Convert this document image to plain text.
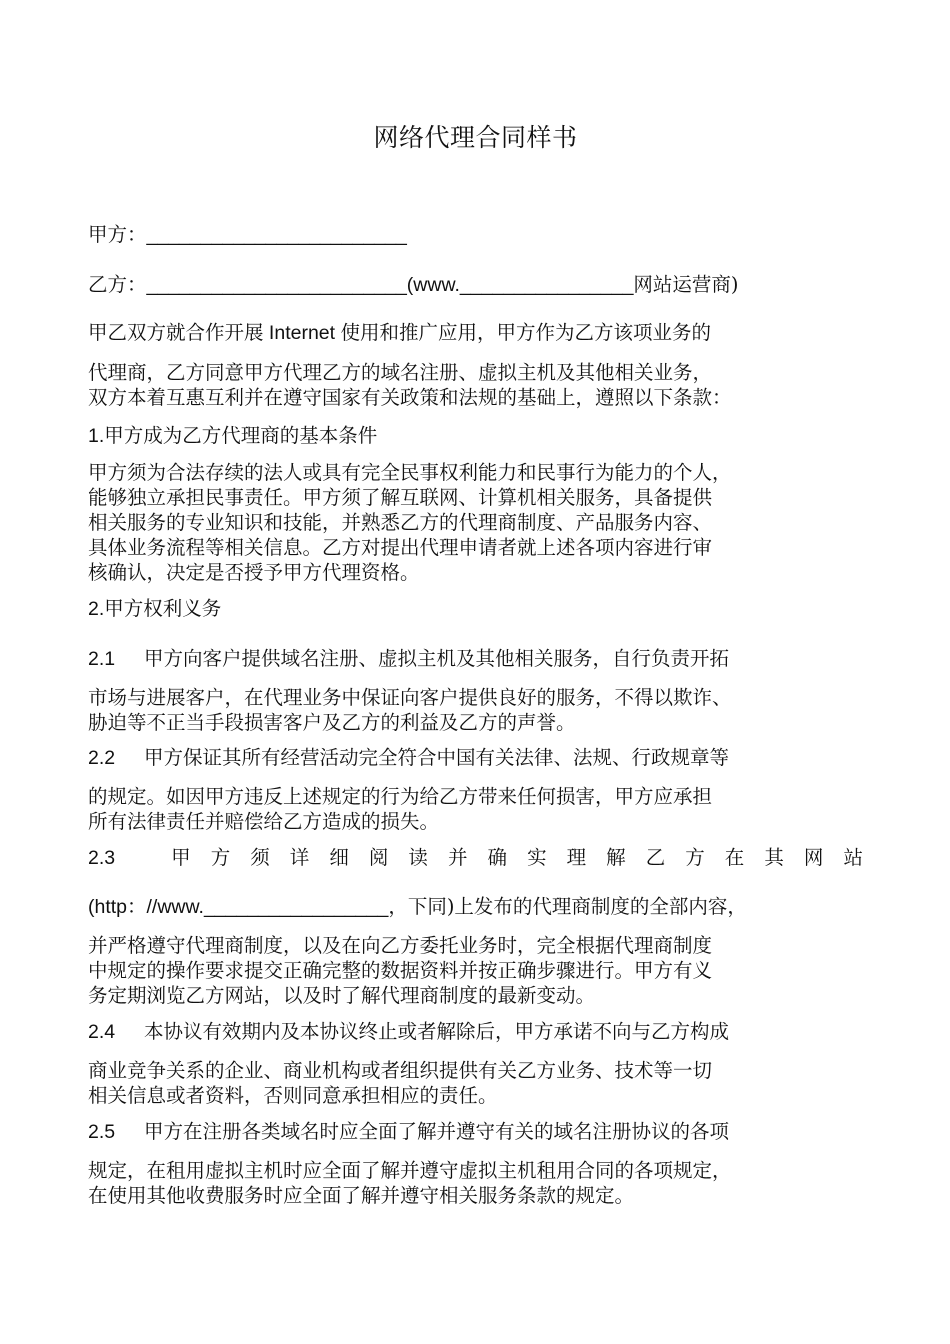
网络代理合同样书
甲方：________________________
乙方：________________________(www.________________网站运营商)
甲乙双方就合作开展 Internet 使用和推广应用，甲方作为乙方该项业务的
代理商，乙方同意甲方代理乙方的域名注册、虚拟主机及其他相关业务，
双方本着互惠互利并在遵守国家有关政策和法规的基础上，遵照以下条款：
1.甲方成为乙方代理商的基本条件
甲方须为合法存续的法人或具有完全民事权利能力和民事行为能力的个人，
能够独立承担民事责任。甲方须了解互联网、计算机相关服务，具备提供
相关服务的专业知识和技能，并熟悉乙方的代理商制度、产品服务内容、
具体业务流程等相关信息。乙方对提出代理申请者就上述各项内容进行审
核确认，决定是否授予甲方代理资格。
2.甲方权利义务
2.1 甲方向客户提供域名注册、虚拟主机及其他相关服务，自行负责开拓
市场与进展客户，在代理业务中保证向客户提供良好的服务，不得以欺诈、
胁迫等不正当手段损害客户及乙方的利益及乙方的声誉。
2.2 甲方保证其所有经营活动完全符合中国有关法律、法规、行政规章等
的规定。如因甲方违反上述规定的行为给乙方带来任何损害，甲方应承担
所有法律责任并赔偿给乙方造成的损失。
2.3	甲 方 须 详 细 阅 读 并 确 实 理 解 乙 方 在 其 网 站
(http：//www._________________，下同)上发布的代理商制度的全部内容，
并严格遵守代理商制度，以及在向乙方委托业务时，完全根据代理商制度
中规定的操作要求提交正确完整的数据资料并按正确步骤进行。甲方有义
务定期浏览乙方网站，以及时了解代理商制度的最新变动。
2.4 本协议有效期内及本协议终止或者解除后，甲方承诺不向与乙方构成
商业竞争关系的企业、商业机构或者组织提供有关乙方业务、技术等一切
相关信息或者资料，否则同意承担相应的责任。
2.5 甲方在注册各类域名时应全面了解并遵守有关的域名注册协议的各项
规定，在租用虚拟主机时应全面了解并遵守虚拟主机租用合同的各项规定，
在使用其他收费服务时应全面了解并遵守相关服务条款的规定。
